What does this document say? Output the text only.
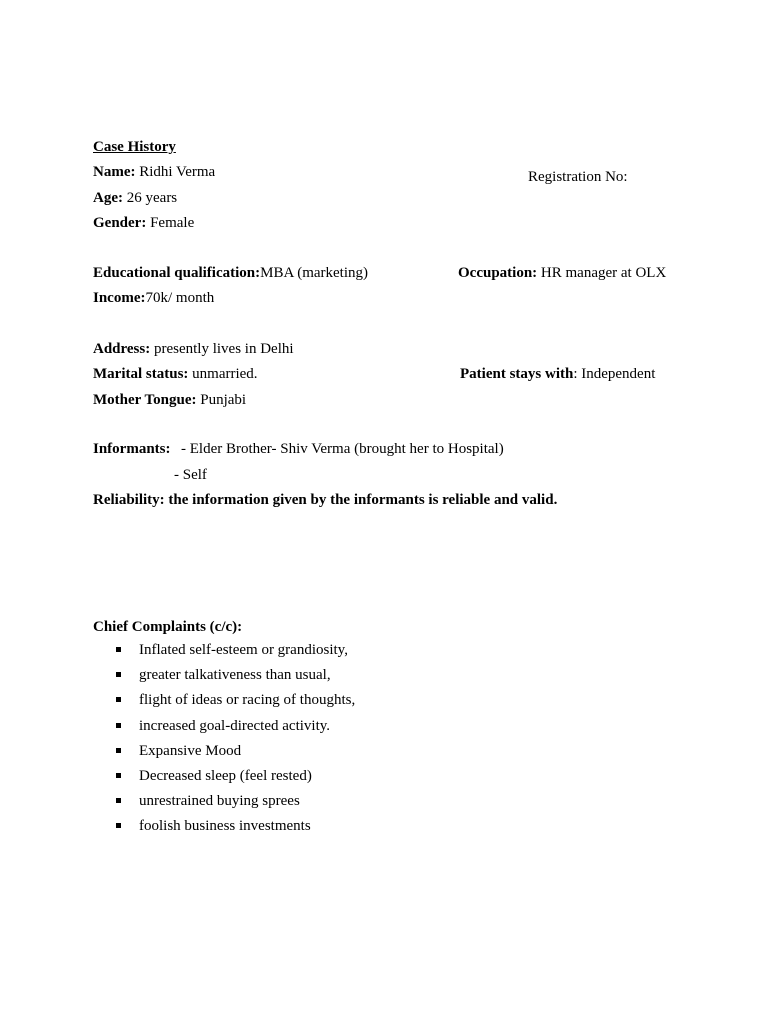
Case History
Name: Ridhi Verma	Registration No:
Age: 26 years
Gender: Female
Educational qualification:MBA (marketing)	Occupation: HR manager at OLX
Income:70k/ month
Address: presently lives in Delhi
Marital status: unmarried.	Patient stays with: Independent
Mother Tongue: Punjabi
Informants: - Elder Brother- Shiv Verma (brought her to Hospital)
- Self
Reliability: the information given by the informants is reliable and valid.
Chief Complaints (c/c):
Inflated self-esteem or grandiosity,
greater talkativeness than usual,
flight of ideas or racing of thoughts,
increased goal-directed activity.
Expansive Mood
Decreased sleep (feel rested)
unrestrained buying sprees
foolish business investments
